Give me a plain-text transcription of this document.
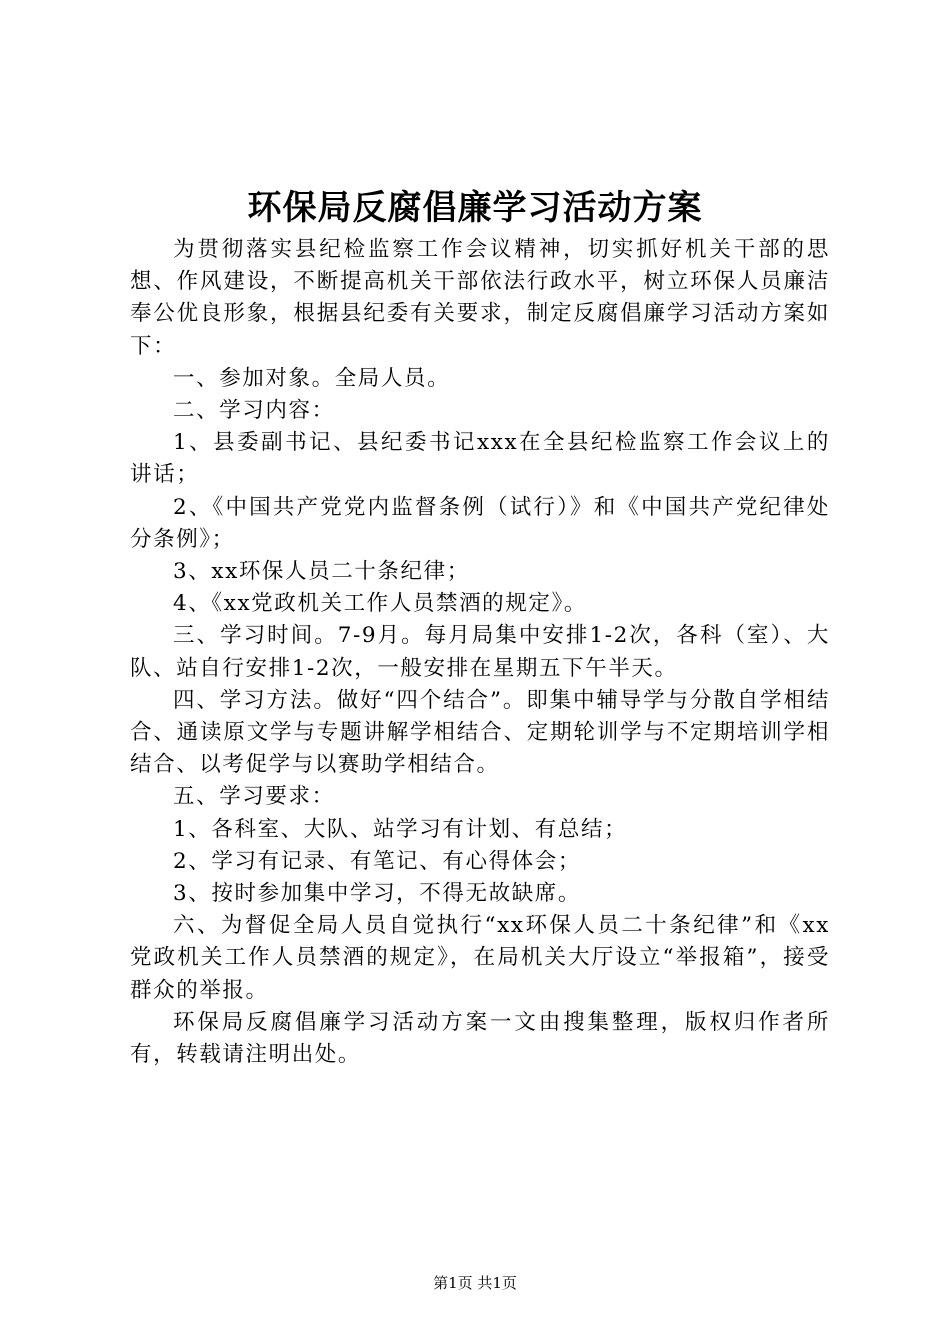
环保局反腐倡廉学习活动方案

为贯彻落实县纪检监察工作会议精神，切实抓好机关干部的思想、作风建设，不断提高机关干部依法行政水平，树立环保人员廉洁奉公优良形象，根据县纪委有关要求，制定反腐倡廉学习活动方案如下：

一、参加对象。全局人员。

二、学习内容：

1、县委副书记、县纪委书记xxx在全县纪检监察工作会议上的讲话；

2、《中国共产党党内监督条例（试行）》和《中国共产党纪律处分条例》；

3、xx环保人员二十条纪律；

4、《xx党政机关工作人员禁酒的规定》。

三、学习时间。7-9月。每月局集中安排1-2次，各科（室）、大队、站自行安排1-2次，一般安排在星期五下午半天。

四、学习方法。做好“四个结合”。即集中辅导学与分散自学相结合、通读原文学与专题讲解学相结合、定期轮训学与不定期培训学相结合、以考促学与以赛助学相结合。

五、学习要求：

1、各科室、大队、站学习有计划、有总结；

2、学习有记录、有笔记、有心得体会；

3、按时参加集中学习，不得无故缺席。

六、为督促全局人员自觉执行“xx环保人员二十条纪律”和《xx党政机关工作人员禁酒的规定》，在局机关大厅设立“举报箱”，接受群众的举报。

环保局反腐倡廉学习活动方案一文由搜集整理，版权归作者所有，转载请注明出处。

第1页 共1页
